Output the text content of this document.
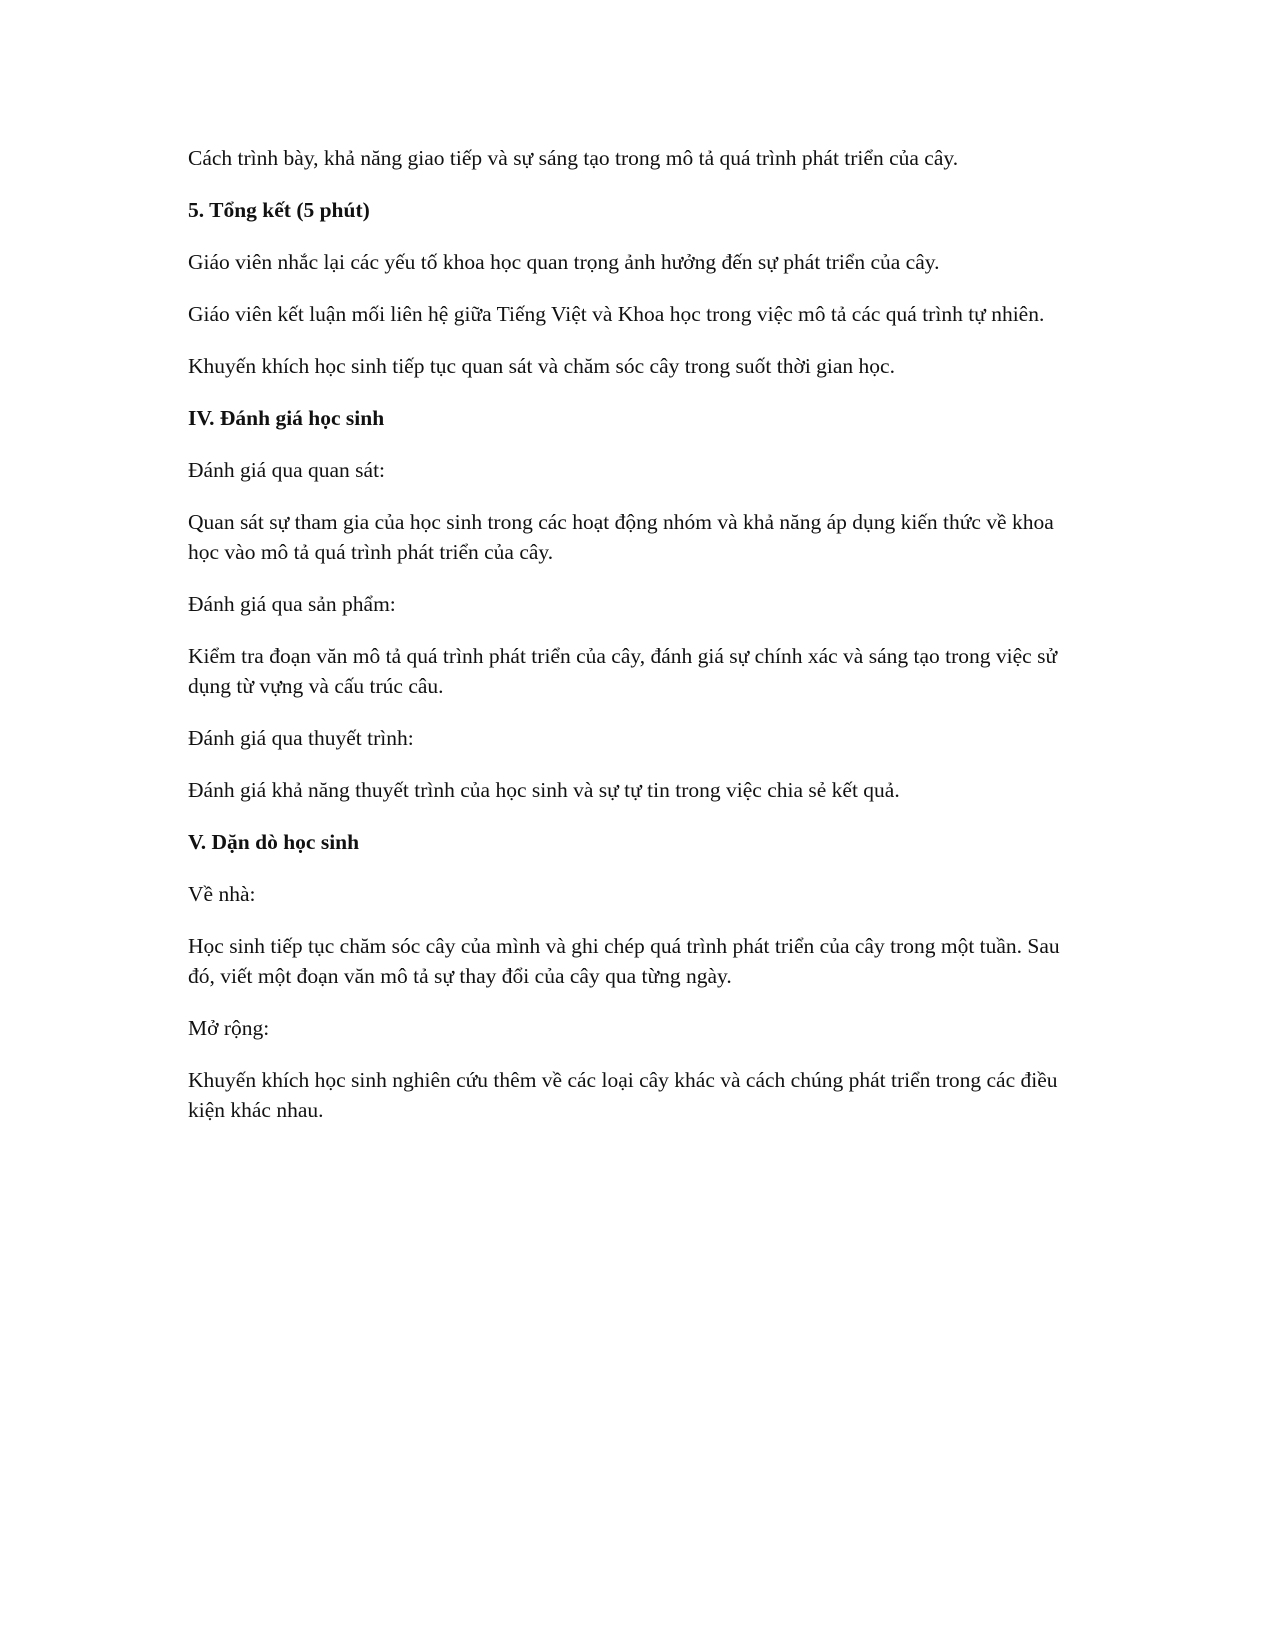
Cách trình bày, khả năng giao tiếp và sự sáng tạo trong mô tả quá trình phát triển của cây.

5. Tổng kết (5 phút)

Giáo viên nhắc lại các yếu tố khoa học quan trọng ảnh hưởng đến sự phát triển của cây.

Giáo viên kết luận mối liên hệ giữa Tiếng Việt và Khoa học trong việc mô tả các quá trình tự nhiên.

Khuyến khích học sinh tiếp tục quan sát và chăm sóc cây trong suốt thời gian học.

IV. Đánh giá học sinh

Đánh giá qua quan sát:

Quan sát sự tham gia của học sinh trong các hoạt động nhóm và khả năng áp dụng kiến thức về khoa học vào mô tả quá trình phát triển của cây.

Đánh giá qua sản phẩm:

Kiểm tra đoạn văn mô tả quá trình phát triển của cây, đánh giá sự chính xác và sáng tạo trong việc sử dụng từ vựng và cấu trúc câu.

Đánh giá qua thuyết trình:

Đánh giá khả năng thuyết trình của học sinh và sự tự tin trong việc chia sẻ kết quả.

V. Dặn dò học sinh

Về nhà:

Học sinh tiếp tục chăm sóc cây của mình và ghi chép quá trình phát triển của cây trong một tuần. Sau đó, viết một đoạn văn mô tả sự thay đổi của cây qua từng ngày.

Mở rộng:

Khuyến khích học sinh nghiên cứu thêm về các loại cây khác và cách chúng phát triển trong các điều kiện khác nhau.
